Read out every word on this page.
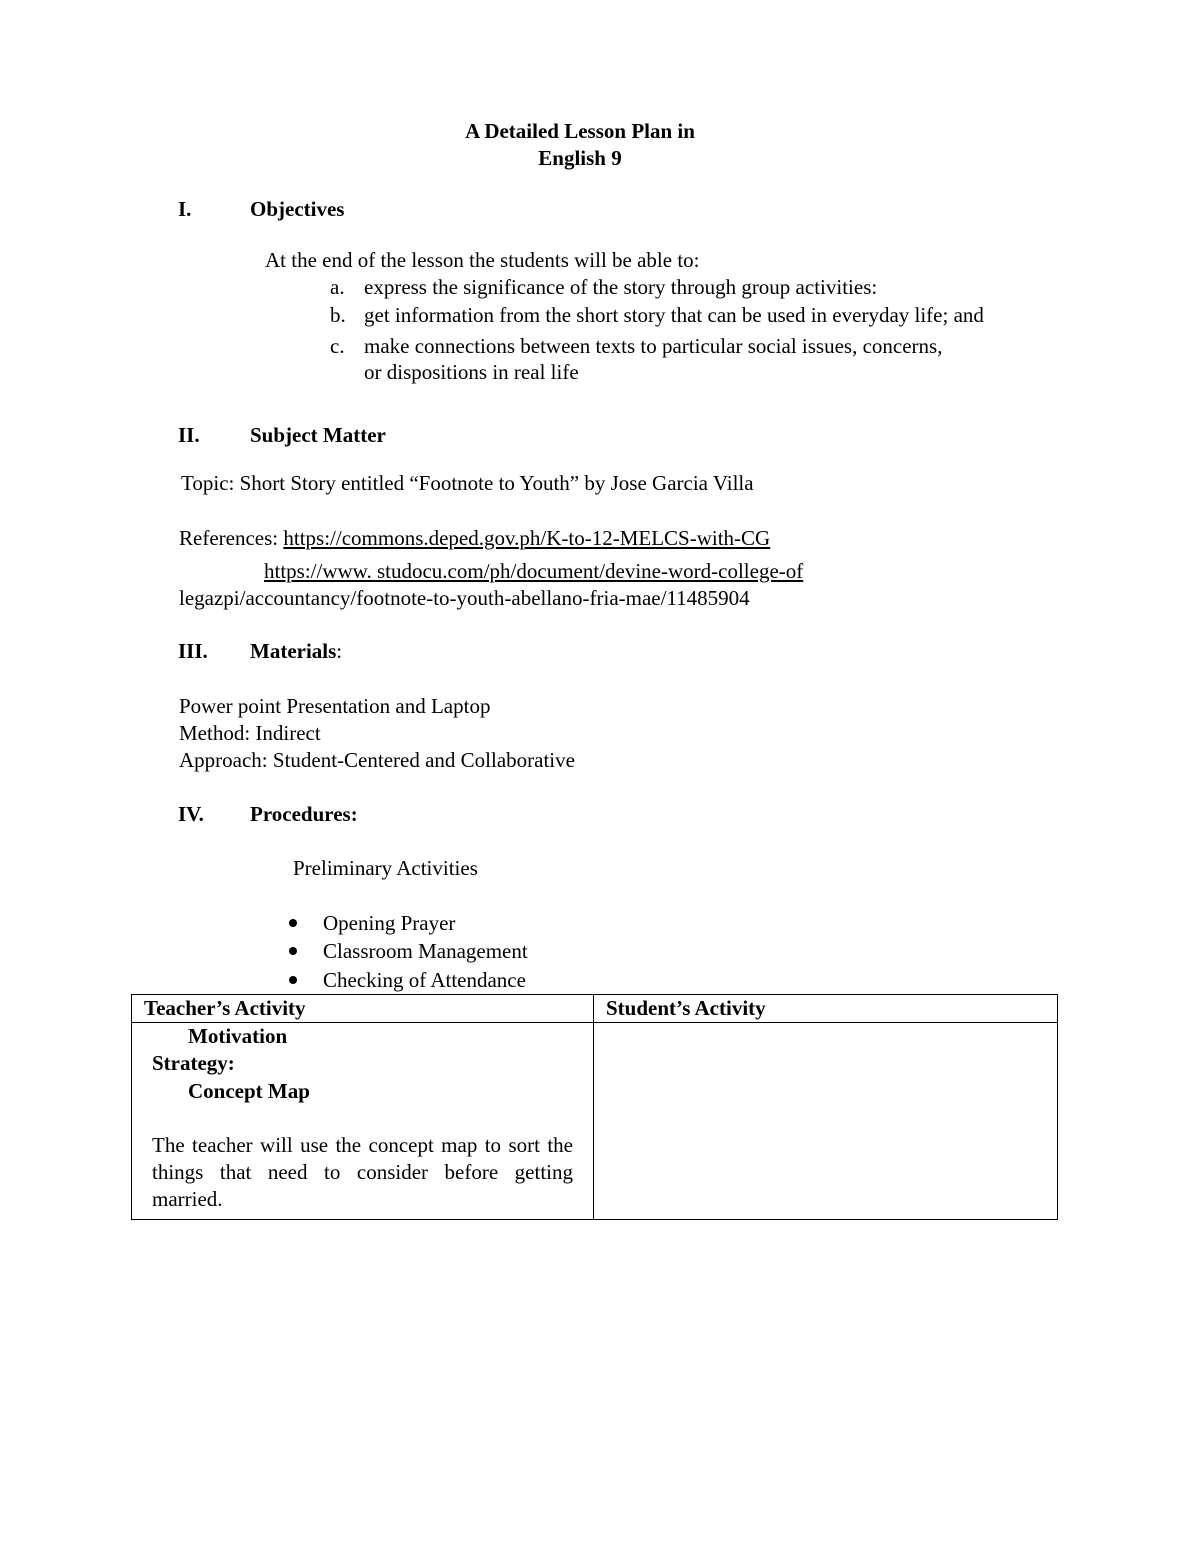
A Detailed Lesson Plan in
English 9
I.	Objectives
At the end of the lesson the students will be able to:
a. express the significance of the story through group activities:
b. get information from the short story that can be used in everyday life; and
c. make connections between texts to particular social issues, concerns,
or dispositions in real life
II. Subject Matter
Topic: Short Story entitled “Footnote to Youth” by Jose Garcia Villa
References: https://commons.deped.gov.ph/K-to-12-MELCS-with-CG
https://www. studocu.com/ph/document/devine-word-college-of
legazpi/accountancy/footnote-to-youth-abellano-fria-mae/11485904
III. Materials:
Power point Presentation and Laptop
Method: Indirect
Approach: Student-Centered and Collaborative
IV. Procedures:
Preliminary Activities
Opening Prayer
Classroom Management
Checking of Attendance
Teacher’s Activity	Student’s Activity

Motivation
Strategy:
Concept Map
The teacher will use the concept map to sort the things that need to consider before getting married.	
